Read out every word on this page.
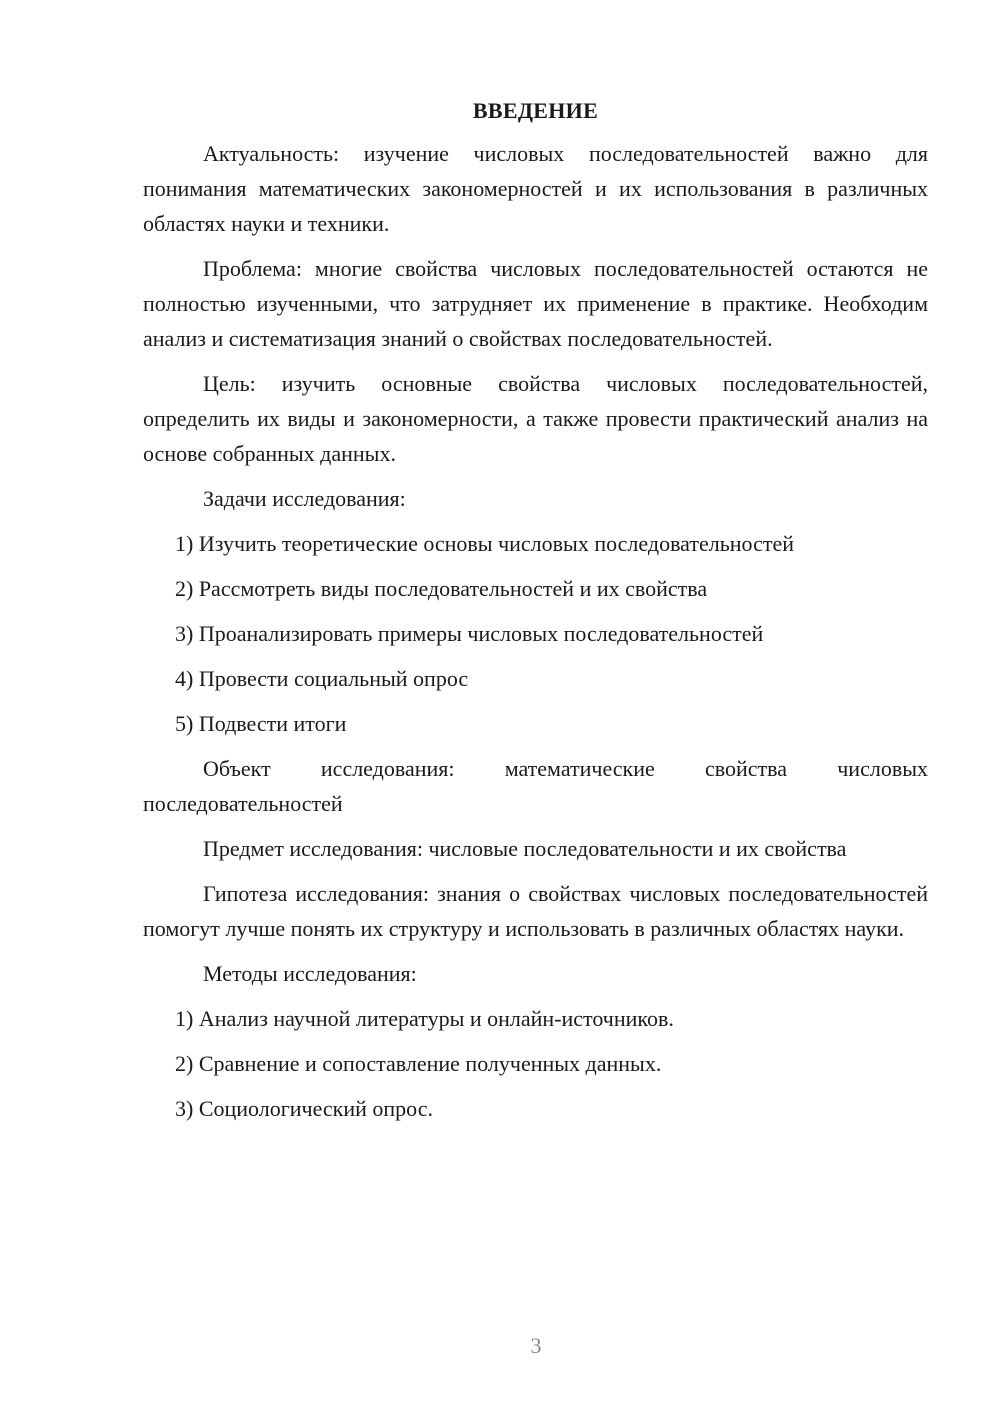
ВВЕДЕНИЕ

Актуальность: изучение числовых последовательностей важно для понимания математических закономерностей и их использования в различных областях науки и техники.

Проблема: многие свойства числовых последовательностей остаются не полностью изученными, что затрудняет их применение в практике. Необходим анализ и систематизация знаний о свойствах последовательностей.

Цель: изучить основные свойства числовых последовательностей, определить их виды и закономерности, а также провести практический анализ на основе собранных данных.

Задачи исследования:

1) Изучить теоретические основы числовых последовательностей
2) Рассмотреть виды последовательностей и их свойства
3) Проанализировать примеры числовых последовательностей
4) Провести социальный опрос
5) Подвести итоги

Объект исследования: математические свойства числовых последовательностей

Предмет исследования: числовые последовательности и их свойства

Гипотеза исследования: знания о свойствах числовых последовательностей помогут лучше понять их структуру и использовать в различных областях науки.

Методы исследования:

1) Анализ научной литературы и онлайн-источников.
2) Сравнение и сопоставление полученных данных.
3) Социологический опрос.
3
